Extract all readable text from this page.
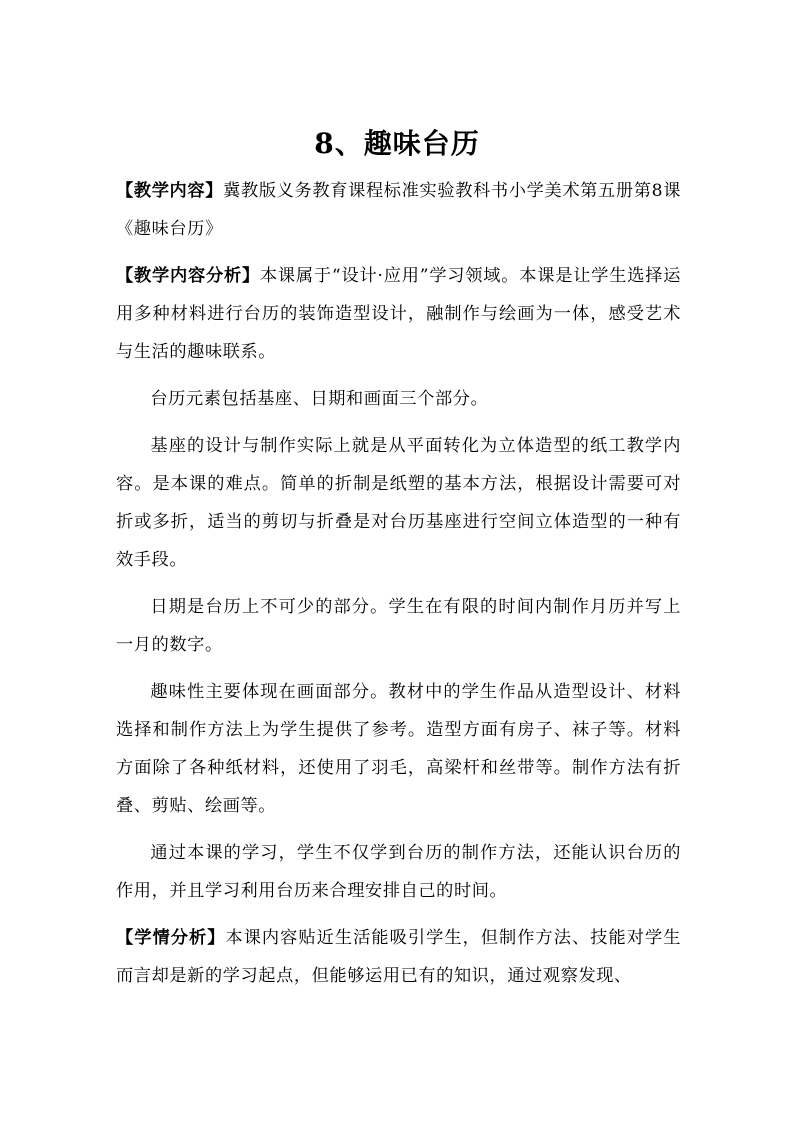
8、趣味台历

【教学内容】冀教版义务教育课程标准实验教科书小学美术第五册第8课 《趣味台历》

【教学内容分析】本课属于“设计·应用”学习领域。本课是让学生选择运用多种材料进行台历的装饰造型设计，融制作与绘画为一体，感受艺术与生活的趣味联系。

台历元素包括基座、日期和画面三个部分。

基座的设计与制作实际上就是从平面转化为立体造型的纸工教学内容。是本课的难点。简单的折制是纸塑的基本方法，根据设计需要可对折或多折，适当的剪切与折叠是对台历基座进行空间立体造型的一种有效手段。

日期是台历上不可少的部分。学生在有限的时间内制作月历并写上一月的数字。

趣味性主要体现在画面部分。教材中的学生作品从造型设计、材料选择和制作方法上为学生提供了参考。造型方面有房子、袜子等。材料方面除了各种纸材料，还使用了羽毛，高梁杆和丝带等。制作方法有折叠、剪贴、绘画等。

通过本课的学习，学生不仅学到台历的制作方法，还能认识台历的作用，并且学习利用台历来合理安排自己的时间。

【学情分析】本课内容贴近生活能吸引学生，但制作方法、技能对学生而言却是新的学习起点，但能够运用已有的知识，通过观察发现、
